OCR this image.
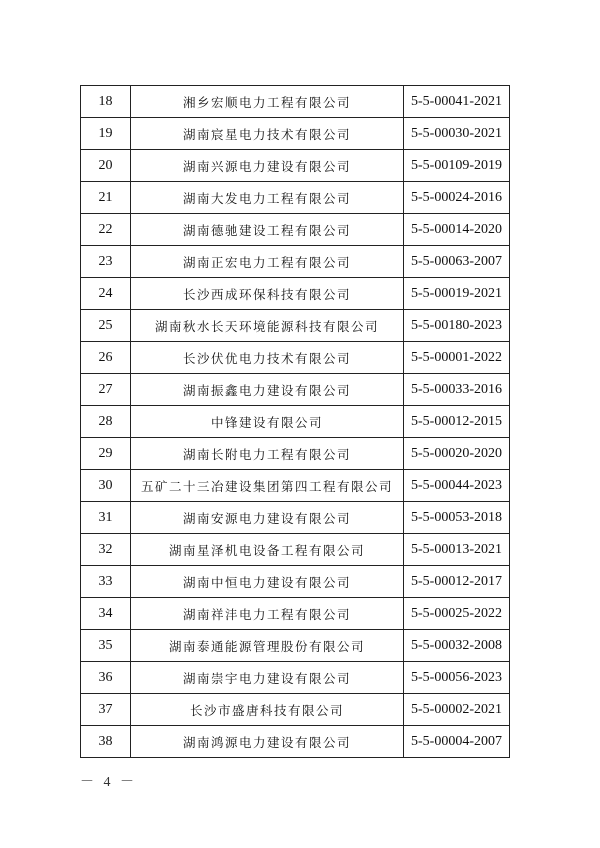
18	湘乡宏顺电力工程有限公司	5-5-00041-2021
19	湖南宸星电力技术有限公司	5-5-00030-2021
20	湖南兴源电力建设有限公司	5-5-00109-2019
21	湖南大发电力工程有限公司	5-5-00024-2016
22	湖南德驰建设工程有限公司	5-5-00014-2020
23	湖南正宏电力工程有限公司	5-5-00063-2007
24	长沙西成环保科技有限公司	5-5-00019-2021
25	湖南秋水长天环境能源科技有限公司	5-5-00180-2023
26	长沙伏优电力技术有限公司	5-5-00001-2022
27	湖南振鑫电力建设有限公司	5-5-00033-2016
28	中锋建设有限公司	5-5-00012-2015
29	湖南长附电力工程有限公司	5-5-00020-2020
30	五矿二十三冶建设集团第四工程有限公司	5-5-00044-2023
31	湖南安源电力建设有限公司	5-5-00053-2018
32	湖南星泽机电设备工程有限公司	5-5-00013-2021
33	湖南中恒电力建设有限公司	5-5-00012-2017
34	湖南祥沣电力工程有限公司	5-5-00025-2022
35	湖南泰通能源管理股份有限公司	5-5-00032-2008
36	湖南崇宇电力建设有限公司	5-5-00056-2023
37	长沙市盛唐科技有限公司	5-5-00002-2021
38	湖南鸿源电力建设有限公司	5-5-00004-2007
－ 4 －
